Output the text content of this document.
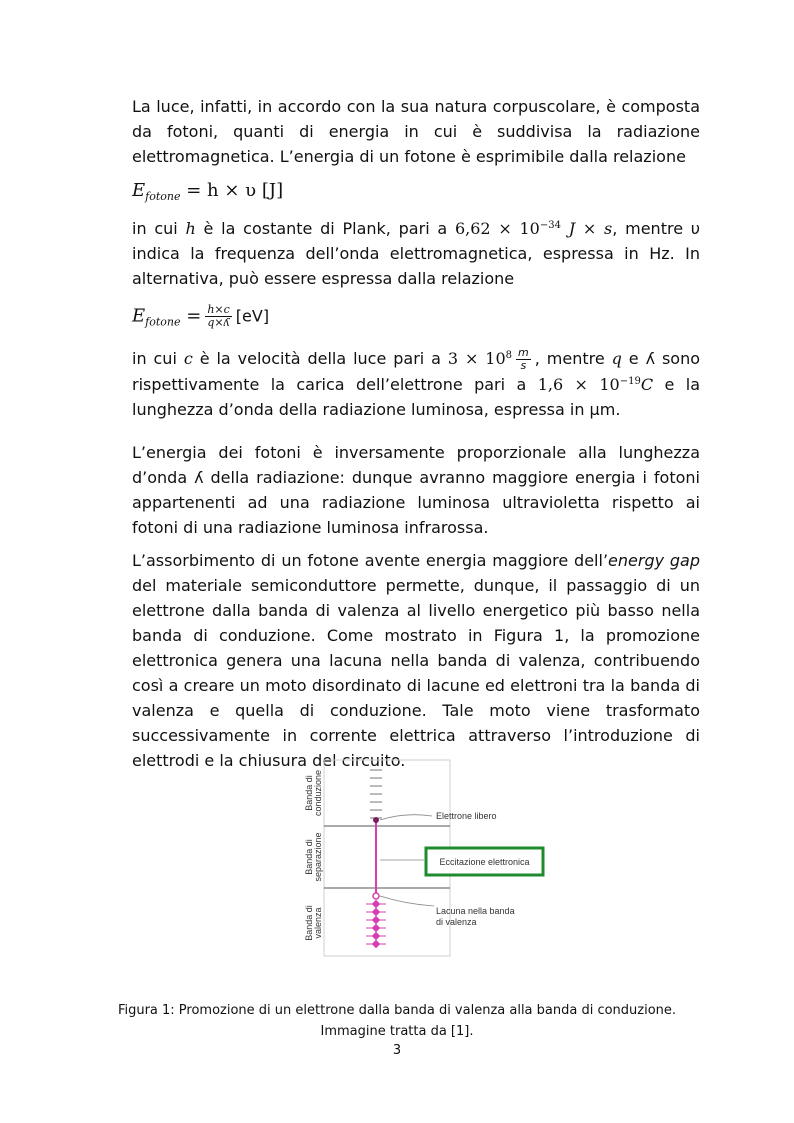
La luce, infatti, in accordo con la sua natura corpuscolare, è composta da fotoni, quanti di energia in cui è suddivisa la radiazione elettromagnetica. L’energia di un fotone è esprimibile dalla relazione
$E_{fotone} = h \times \upsilon$ [J]
in cui h è la costante di Plank, pari a $6,62 \times 10^{-34}$ J × s, mentre υ indica la frequenza dell’onda elettromagnetica, espressa in Hz. In alternativa, può essere espressa dalla relazione
$E_{fotone} = \frac{h\times c}{\text{q×ʎ}} [eV]$
in cui c è la velocità della luce pari a $3 \times 10^8 \frac{m}{s}$ , mentre q e ʎ sono rispettivamente la carica dell’elettrone pari a $1,6 \times 10^{-19}C$ e la lunghezza d’onda della radiazione luminosa, espressa in μm.
L’energia dei fotoni è inversamente proporzionale alla lunghezza d’onda ʎ della radiazione: dunque avranno maggiore energia i fotoni appartenenti ad una radiazione luminosa ultravioletta rispetto ai fotoni di una radiazione luminosa infrarossa.
L’assorbimento di un fotone avente energia maggiore dell’energy gap del materiale semiconduttore permette, dunque, il passaggio di un elettrone dalla banda di valenza al livello energetico più basso nella banda di conduzione. Come mostrato in Figura 1, la promozione elettronica genera una lacuna nella banda di valenza, contribuendo così a creare un moto disordinato di lacune ed elettroni tra la banda di valenza e quella di conduzione. Tale moto viene trasformato successivamente in corrente elettrica attraverso l’introduzione di elettrodi e la chiusura del circuito.
Banda di conduzione
Banda di separazione
Banda di valenza
Elettrone libero
Lacuna nella banda
di valenza
Eccitazione elettronica
Figura 1: Promozione di un elettrone dalla banda di valenza alla banda di conduzione.
Immagine tratta da [1].
3
